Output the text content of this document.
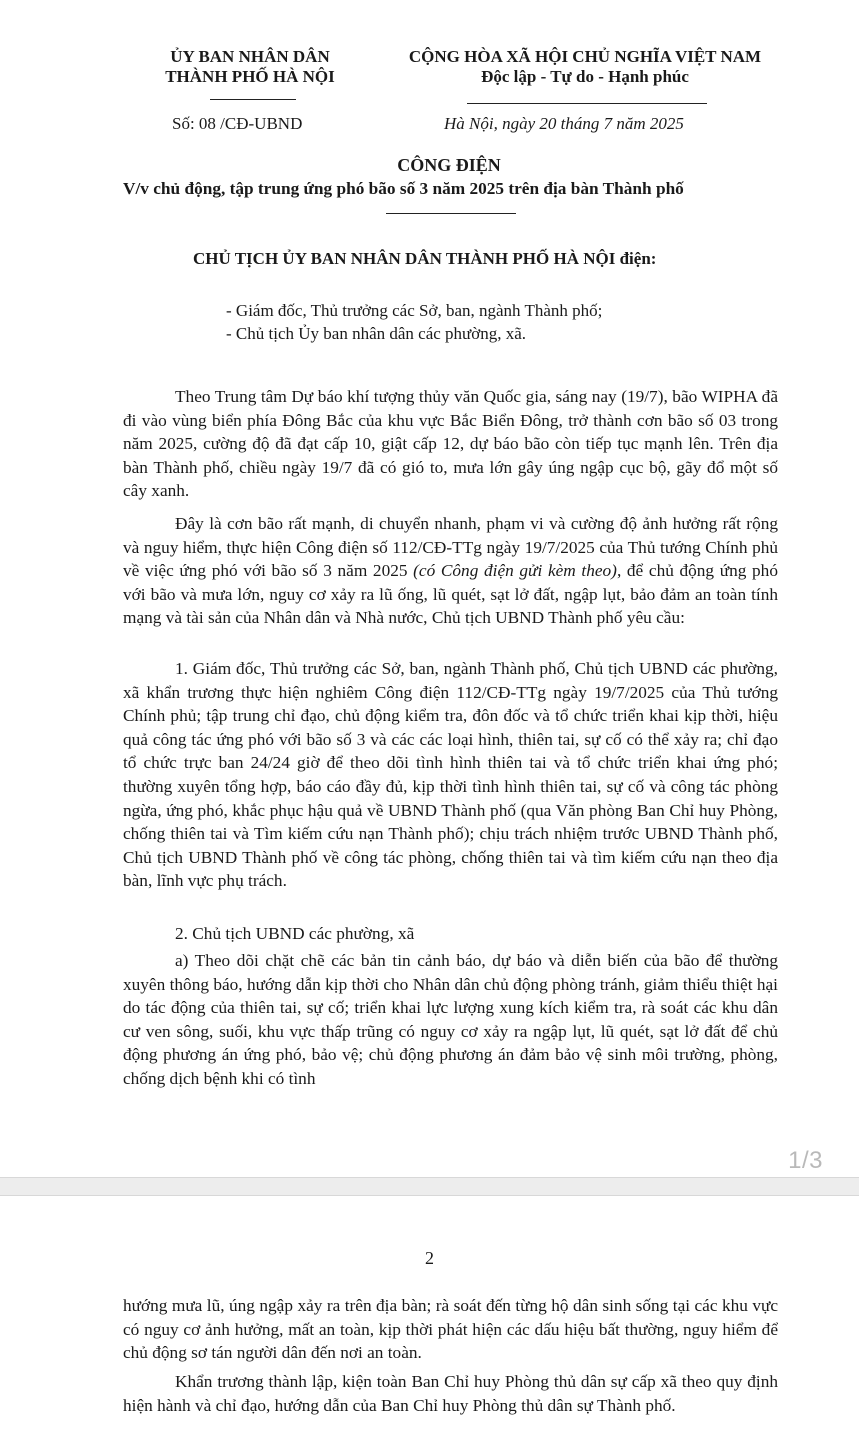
ỦY BAN NHÂN DÂN
THÀNH PHỐ HÀ NỘI
CỘNG HÒA XÃ HỘI CHỦ NGHĨA VIỆT NAM
Độc lập - Tự do - Hạnh phúc
Số: 08 /CĐ-UBND	Hà Nội, ngày 20 tháng 7 năm 2025
CÔNG ĐIỆN
V/v chủ động, tập trung ứng phó bão số 3 năm 2025 trên địa bàn Thành phố
CHỦ TỊCH ỦY BAN NHÂN DÂN THÀNH PHỐ HÀ NỘI điện:
- Giám đốc, Thủ trưởng các Sở, ban, ngành Thành phố;
- Chủ tịch Ủy ban nhân dân các phường, xã.
Theo Trung tâm Dự báo khí tượng thủy văn Quốc gia, sáng nay (19/7), bão WIPHA đã đi vào vùng biển phía Đông Bắc của khu vực Bắc Biển Đông, trở thành cơn bão số 03 trong năm 2025, cường độ đã đạt cấp 10, giật cấp 12, dự báo bão còn tiếp tục mạnh lên. Trên địa bàn Thành phố, chiều ngày 19/7 đã có gió to, mưa lớn gây úng ngập cục bộ, gãy đổ một số cây xanh.
Đây là cơn bão rất mạnh, di chuyển nhanh, phạm vi và cường độ ảnh hưởng rất rộng và nguy hiểm, thực hiện Công điện số 112/CĐ-TTg ngày 19/7/2025 của Thủ tướng Chính phủ về việc ứng phó với bão số 3 năm 2025 (có Công điện gửi kèm theo), để chủ động ứng phó với bão và mưa lớn, nguy cơ xảy ra lũ ống, lũ quét, sạt lở đất, ngập lụt, bảo đảm an toàn tính mạng và tài sản của Nhân dân và Nhà nước, Chủ tịch UBND Thành phố yêu cầu:
1. Giám đốc, Thủ trưởng các Sở, ban, ngành Thành phố, Chủ tịch UBND các phường, xã khẩn trương thực hiện nghiêm Công điện 112/CĐ-TTg ngày 19/7/2025 của Thủ tướng Chính phủ; tập trung chỉ đạo, chủ động kiểm tra, đôn đốc và tổ chức triển khai kịp thời, hiệu quả công tác ứng phó với bão số 3 và các các loại hình, thiên tai, sự cố có thể xảy ra; chỉ đạo tổ chức trực ban 24/24 giờ để theo dõi tình hình thiên tai và tổ chức triển khai ứng phó; thường xuyên tổng hợp, báo cáo đầy đủ, kịp thời tình hình thiên tai, sự cố và công tác phòng ngừa, ứng phó, khắc phục hậu quả về UBND Thành phố (qua Văn phòng Ban Chỉ huy Phòng, chống thiên tai và Tìm kiếm cứu nạn Thành phố); chịu trách nhiệm trước UBND Thành phố, Chủ tịch UBND Thành phố về công tác phòng, chống thiên tai và tìm kiếm cứu nạn theo địa bàn, lĩnh vực phụ trách.
2. Chủ tịch UBND các phường, xã
a) Theo dõi chặt chẽ các bản tin cảnh báo, dự báo và diễn biến của bão để thường xuyên thông báo, hướng dẫn kịp thời cho Nhân dân chủ động phòng tránh, giảm thiểu thiệt hại do tác động của thiên tai, sự cố; triển khai lực lượng xung kích kiểm tra, rà soát các khu dân cư ven sông, suối, khu vực thấp trũng có nguy cơ xảy ra ngập lụt, lũ quét, sạt lở đất để chủ động phương án ứng phó, bảo vệ; chủ động phương án đảm bảo vệ sinh môi trường, phòng, chống dịch bệnh khi có tình
1/3
2
hướng mưa lũ, úng ngập xảy ra trên địa bàn; rà soát đến từng hộ dân sinh sống tại các khu vực có nguy cơ ảnh hưởng, mất an toàn, kịp thời phát hiện các dấu hiệu bất thường, nguy hiểm để chủ động sơ tán người dân đến nơi an toàn.
Khẩn trương thành lập, kiện toàn Ban Chỉ huy Phòng thủ dân sự cấp xã theo quy định hiện hành và chỉ đạo, hướng dẫn của Ban Chỉ huy Phòng thủ dân sự Thành phố.
